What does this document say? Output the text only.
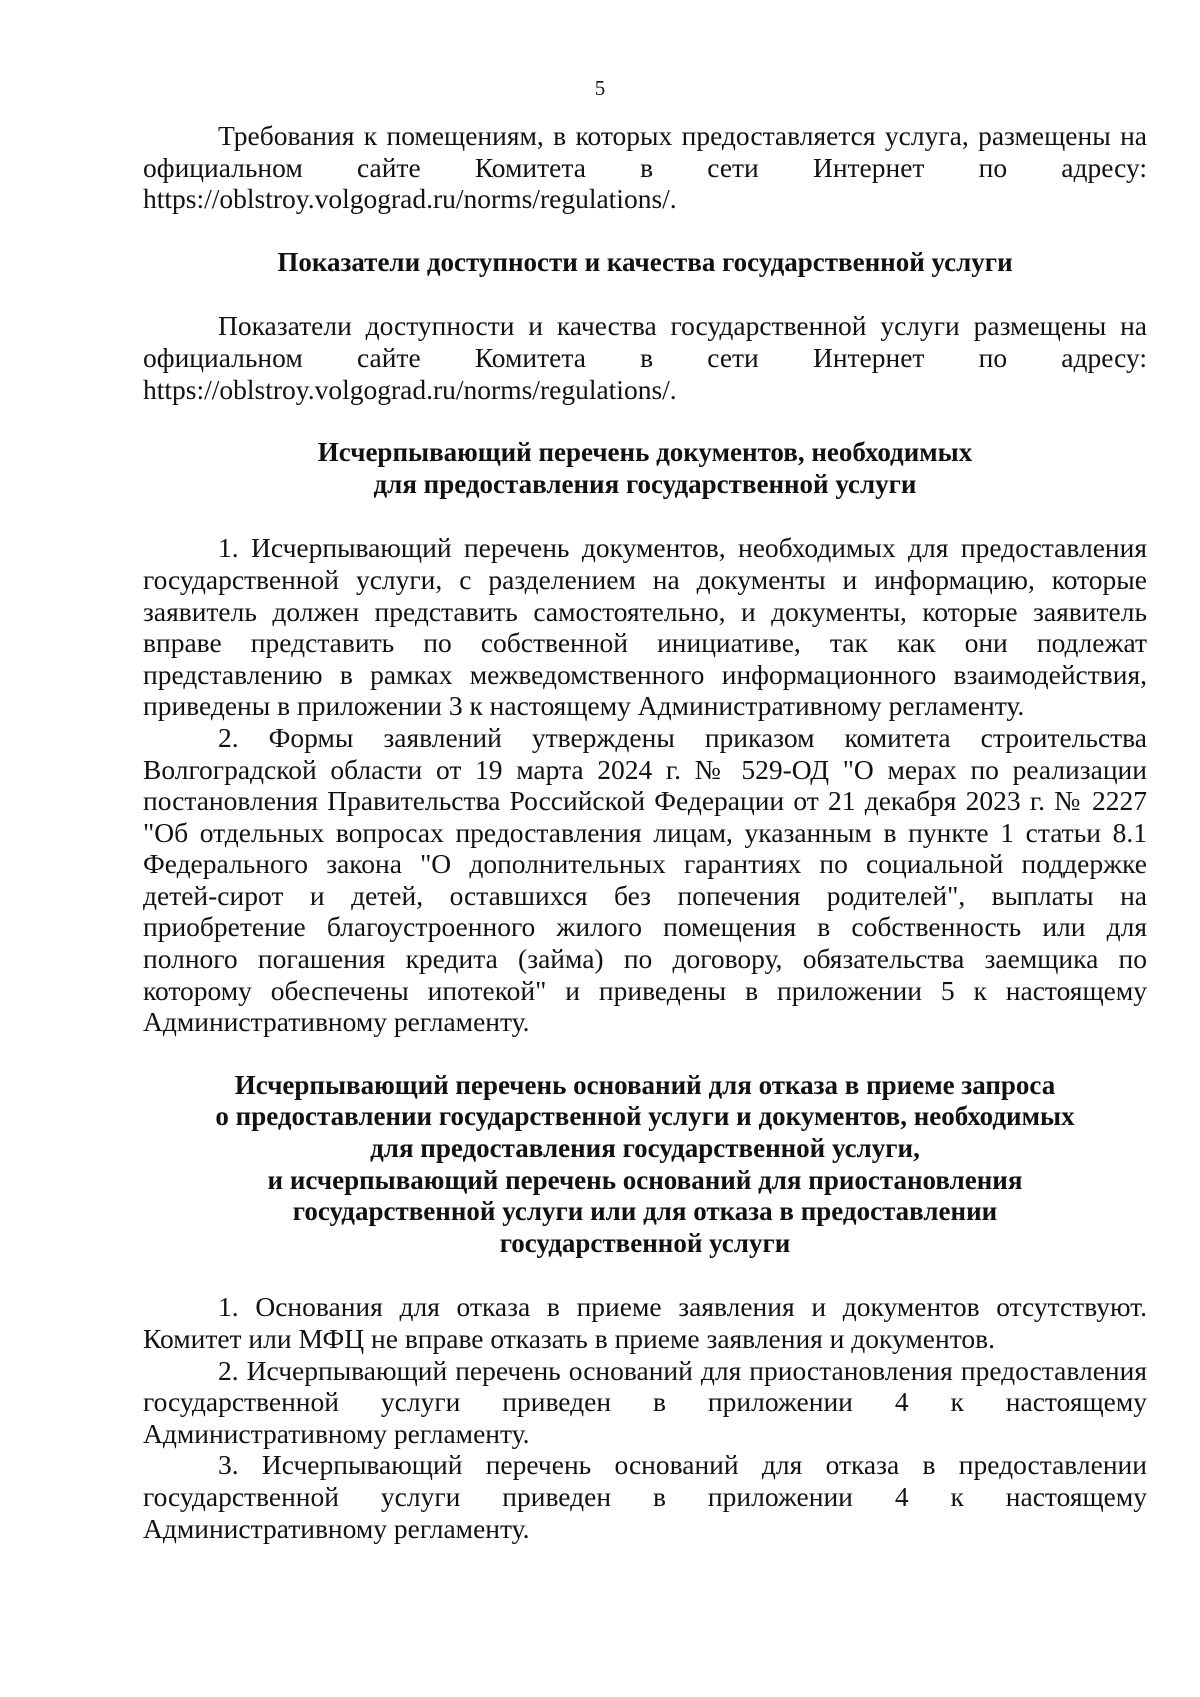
5

Требования к помещениям, в которых предоставляется услуга, размещены на официальном сайте Комитета в сети Интернет по адресу: https://oblstroy.volgograd.ru/norms/regulations/.

Показатели доступности и качества государственной услуги

Показатели доступности и качества государственной услуги размещены на официальном сайте Комитета в сети Интернет по адресу: https://oblstroy.volgograd.ru/norms/regulations/.

Исчерпывающий перечень документов, необходимых

для предоставления государственной услуги

1. Исчерпывающий перечень документов, необходимых для предоставления государственной услуги, с разделением на документы и информацию, которые заявитель должен представить самостоятельно, и документы, которые заявитель вправе представить по собственной инициативе, так как они подлежат представлению в рамках межведомственного информационного взаимодействия, приведены в приложении 3 к настоящему Административному регламенту.

2. Формы заявлений утверждены приказом комитета строительства Волгоградской области от 19 марта 2024 г. № 529-ОД "О мерах по реализации постановления Правительства Российской Федерации от 21 декабря 2023 г. № 2227 "Об отдельных вопросах предоставления лицам, указанным в пункте 1 статьи 8.1 Федерального закона "О дополнительных гарантиях по социальной поддержке детей-сирот и детей, оставшихся без попечения родителей", выплаты на приобретение благоустроенного жилого помещения в собственность или для полного погашения кредита (займа) по договору, обязательства заемщика по которому обеспечены ипотекой" и приведены в приложении 5 к настоящему Административному регламенту.

Исчерпывающий перечень оснований для отказа в приеме запроса

о предоставлении государственной услуги и документов, необходимых

для предоставления государственной услуги,

и исчерпывающий перечень оснований для приостановления

государственной услуги или для отказа в предоставлении

государственной услуги

1. Основания для отказа в приеме заявления и документов отсутствуют. Комитет или МФЦ не вправе отказать в приеме заявления и документов.

2. Исчерпывающий перечень оснований для приостановления предоставления государственной услуги приведен в приложении 4 к настоящему Административному регламенту.

3. Исчерпывающий перечень оснований для отказа в предоставлении государственной услуги приведен в приложении 4 к настоящему Административному регламенту.
